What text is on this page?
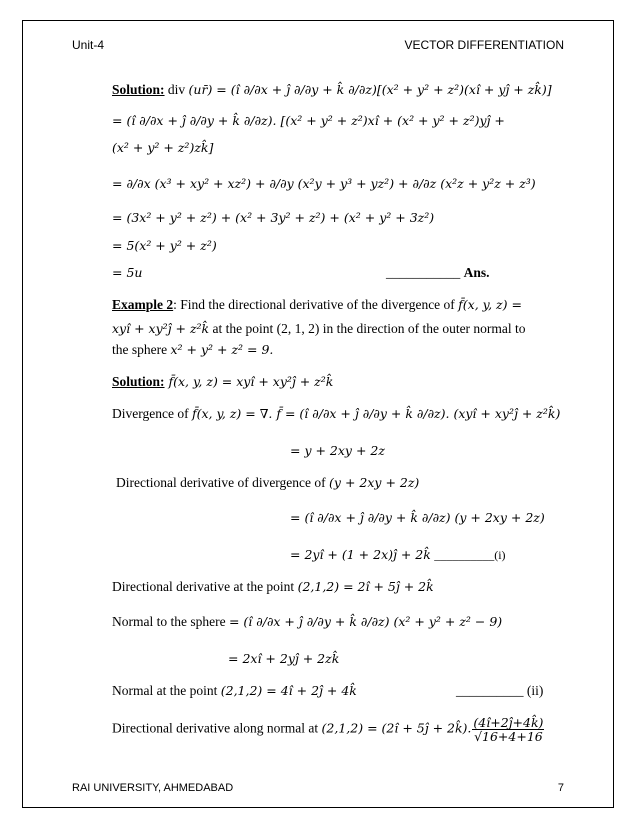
Unit-4	VECTOR DIFFERENTIATION
Solution: div (ur̄) = (î ∂/∂x + ĵ ∂/∂y + k̂ ∂/∂z)[(x² + y² + z²)(xî + yĵ + zk̂)]
= (î ∂/∂x + ĵ ∂/∂y + k̂ ∂/∂z). [(x² + y² + z²)xî + (x² + y² + z²)yĵ +
(x² + y² + z²)zk̂]
= ∂/∂x (x³ + xy² + xz²) + ∂/∂y (x²y + y³ + yz²) + ∂/∂z (x²z + y²z + z³)
= (3x² + y² + z²) + (x² + 3y² + z²) + (x² + y² + 3z²)
= 5(x² + y² + z²)
= 5u	___________ Ans.
Example 2: Find the directional derivative of the divergence of f̄(x, y, z) =
xyî + xy²ĵ + z²k̂ at the point (2, 1, 2) in the direction of the outer normal to
the sphere x² + y² + z² = 9.
Solution: f̄(x, y, z) = xyî + xy²ĵ + z²k̂
Divergence of f̄(x, y, z) = ∇. f̄ = (î ∂/∂x + ĵ ∂/∂y + k̂ ∂/∂z). (xyî + xy²ĵ + z²k̂)
= y + 2xy + 2z
Directional derivative of divergence of (y + 2xy + 2z)
= (î ∂/∂x + ĵ ∂/∂y + k̂ ∂/∂z) (y + 2xy + 2z)
= 2yî + (1 + 2x)ĵ + 2k̂ __________(i)
Directional derivative at the point (2,1,2) = 2î + 5ĵ + 2k̂
Normal to the sphere = (î ∂/∂x + ĵ ∂/∂y + k̂ ∂/∂z) (x² + y² + z² − 9)
= 2xî + 2yĵ + 2zk̂
Normal at the point (2,1,2) = 4î + 2ĵ + 4k̂	__________ (ii)
Directional derivative along normal at (2,1,2) = (2î + 5ĵ + 2k̂). $\frac{(4î+2ĵ+4k̂)}{√16+4+16}$
RAI UNIVERSITY, AHMEDABAD	7
